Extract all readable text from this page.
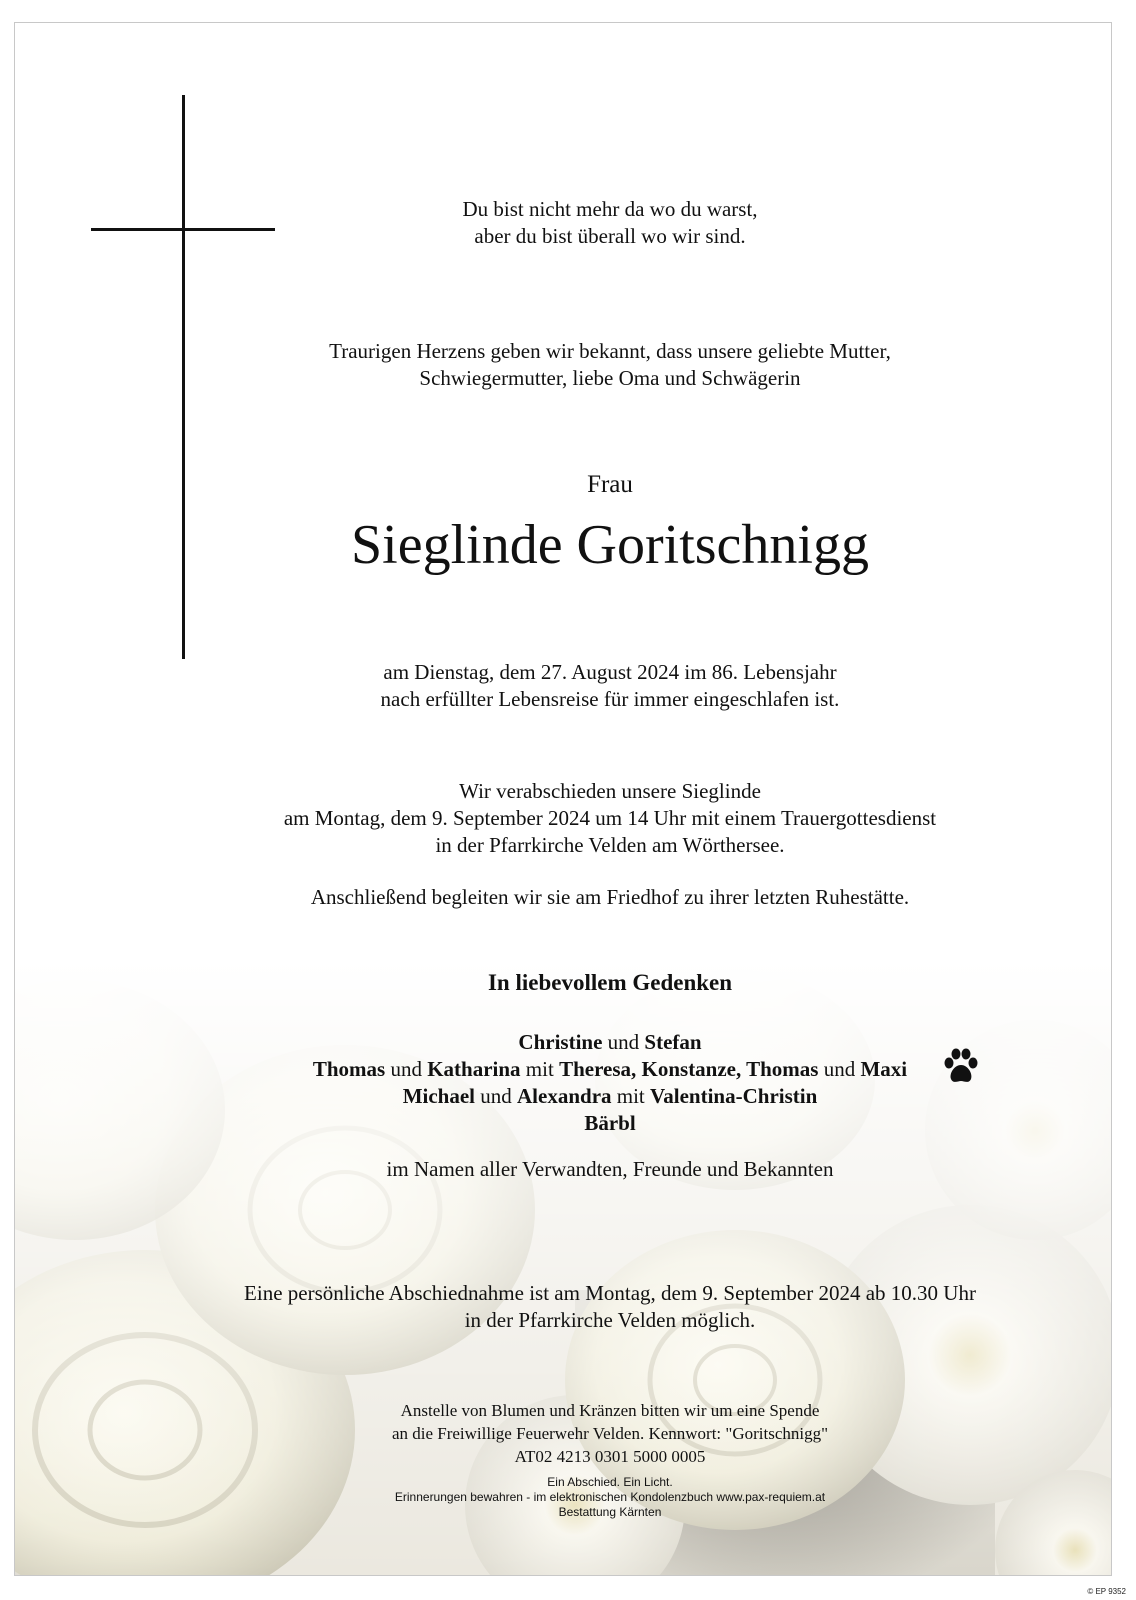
Du bist nicht mehr da wo du warst,
aber du bist überall wo wir sind.
Traurigen Herzens geben wir bekannt, dass unsere geliebte Mutter,
Schwiegermutter, liebe Oma und Schwägerin
Frau
Sieglinde Goritschnigg
am Dienstag, dem 27. August 2024 im 86. Lebensjahr
nach erfüllter Lebensreise für immer eingeschlafen ist.
Wir verabschieden unsere Sieglinde
am Montag, dem 9. September 2024 um 14 Uhr mit einem Trauergottesdienst
in der Pfarrkirche Velden am Wörthersee.
Anschließend begleiten wir sie am Friedhof zu ihrer letzten Ruhestätte.
In liebevollem Gedenken
Christine und Stefan
Thomas und Katharina mit Theresa, Konstanze, Thomas und Maxi
Michael und Alexandra mit Valentina-Christin
Bärbl
im Namen aller Verwandten, Freunde und Bekannten
Eine persönliche Abschiednahme ist am Montag, dem 9. September 2024 ab 10.30 Uhr
in der Pfarrkirche Velden möglich.
Anstelle von Blumen und Kränzen bitten wir um eine Spende
an die Freiwillige Feuerwehr Velden. Kennwort: "Goritschnigg"
AT02 4213 0301 5000 0005
Ein Abschied. Ein Licht.
Erinnerungen bewahren - im elektronischen Kondolenzbuch www.pax-requiem.at
Bestattung Kärnten
© EP 9352
